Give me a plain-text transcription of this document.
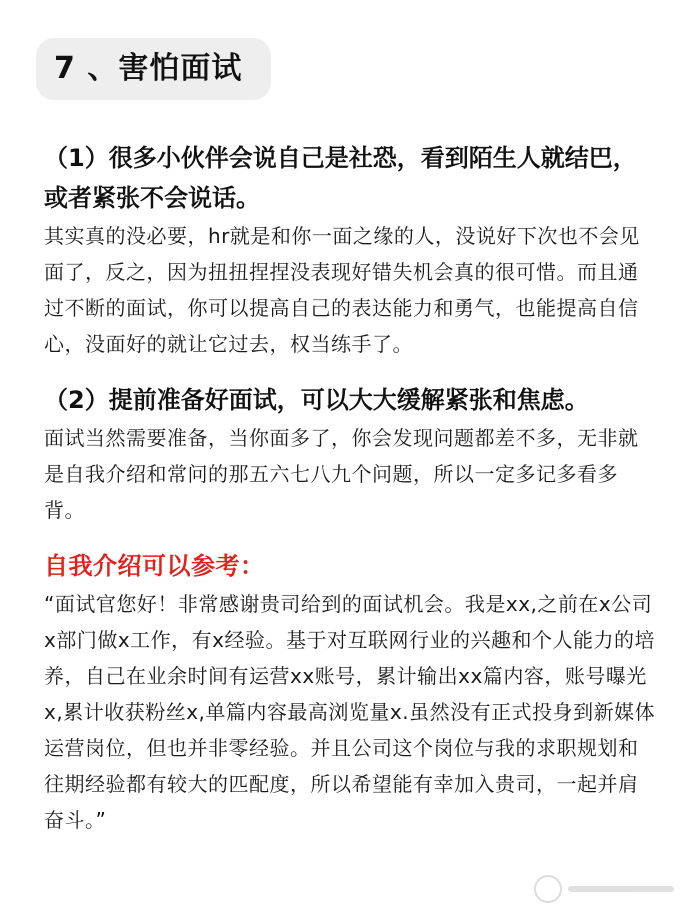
7 、害怕面试
（1）很多小伙伴会说自己是社恐，看到陌生人就结巴，或者紧张不会说话。

其实真的没必要，hr就是和你一面之缘的人，没说好下次也不会见面了，反之，因为扭扭捏捏没表现好错失机会真的很可惜。而且通过不断的面试，你可以提高自己的表达能力和勇气，也能提高自信心，没面好的就让它过去，权当练手了。

（2）提前准备好面试，可以大大缓解紧张和焦虑。

面试当然需要准备，当你面多了，你会发现问题都差不多，无非就是自我介绍和常问的那五六七八九个问题，所以一定多记多看多背。

自我介绍可以参考：

“面试官您好！非常感谢贵司给到的面试机会。我是xx,之前在x公司x部门做x工作，有x经验。基于对互联网行业的兴趣和个人能力的培养，自己在业余时间有运营xx账号，累计输出xx篇内容，账号曝光x,累计收获粉丝x,单篇内容最高浏览量x.虽然没有正式投身到新媒体运营岗位，但也并非零经验。并且公司这个岗位与我的求职规划和往期经验都有较大的匹配度，所以希望能有幸加入贵司，一起并肩奋斗。”
